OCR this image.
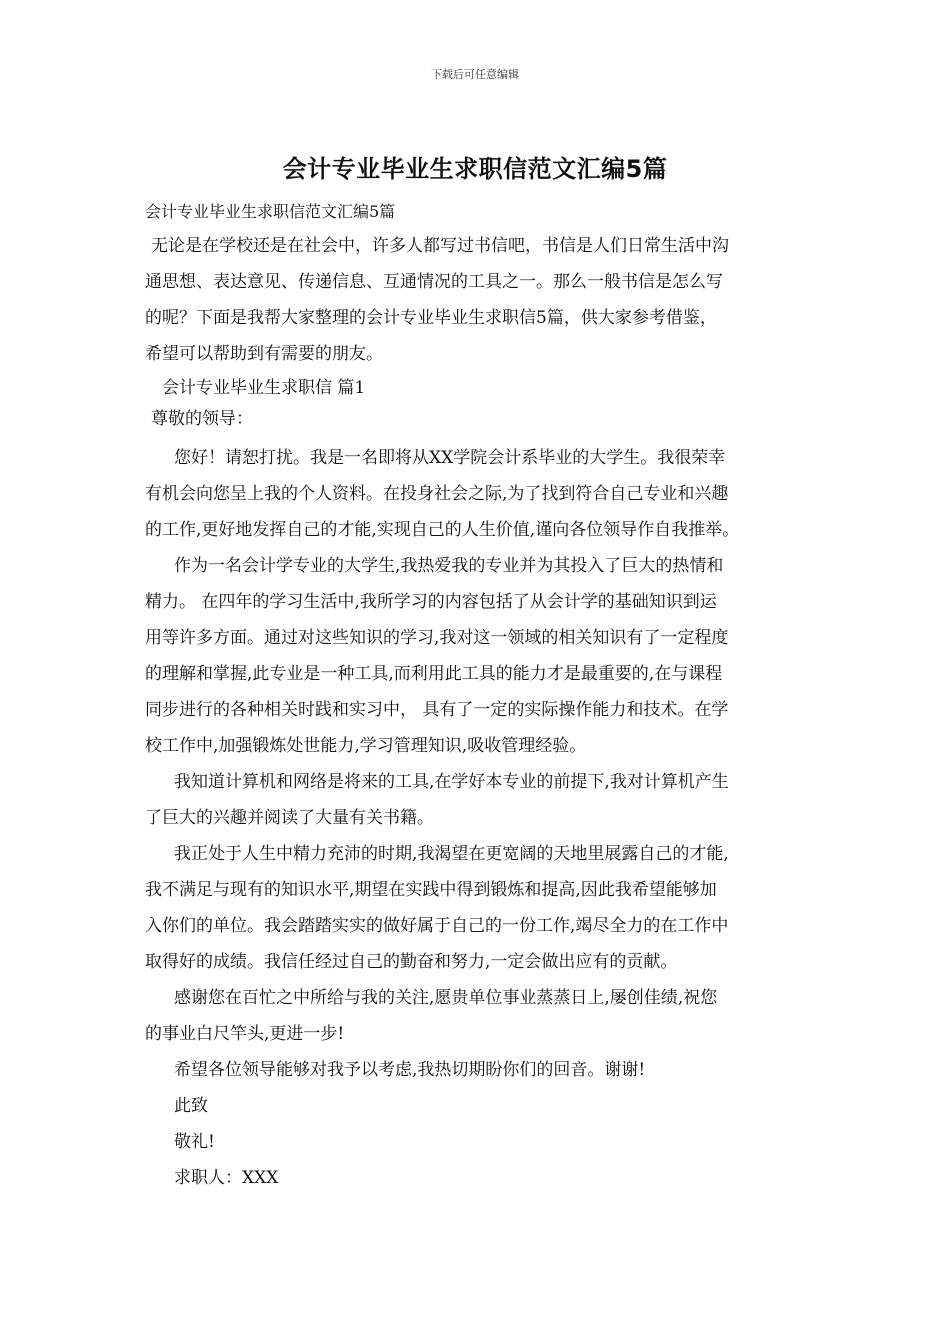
下载后可任意编辑
会计专业毕业生求职信范文汇编5篇
会计专业毕业生求职信范文汇编5篇
无论是在学校还是在社会中，许多人都写过书信吧，书信是人们日常生活中沟
通思想、表达意见、传递信息、互通情况的工具之一。那么一般书信是怎么写
的呢？下面是我帮大家整理的会计专业毕业生求职信5篇，供大家参考借鉴，
希望可以帮助到有需要的朋友。
会计专业毕业生求职信 篇1
尊敬的领导：
您好！请恕打扰。我是一名即将从XX学院会计系毕业的大学生。我很荣幸
有机会向您呈上我的个人资料。在投身社会之际,为了找到符合自己专业和兴趣
的工作,更好地发挥自己的才能,实现自己的人生价值,谨向各位领导作自我推举。
作为一名会计学专业的大学生,我热爱我的专业并为其投入了巨大的热情和
精力。 在四年的学习生活中,我所学习的内容包括了从会计学的基础知识到运
用等许多方面。通过对这些知识的学习,我对这一领域的相关知识有了一定程度
的理解和掌握,此专业是一种工具,而利用此工具的能力才是最重要的,在与课程
同步进行的各种相关时践和实习中， 具有了一定的实际操作能力和技术。在学
校工作中,加强锻炼处世能力,学习管理知识,吸收管理经验。
我知道计算机和网络是将来的工具,在学好本专业的前提下,我对计算机产生
了巨大的兴趣并阅读了大量有关书籍。
我正处于人生中精力充沛的时期,我渴望在更宽阔的天地里展露自己的才能,
我不满足与现有的知识水平,期望在实践中得到锻炼和提高,因此我希望能够加
入你们的单位。我会踏踏实实的做好属于自己的一份工作,竭尽全力的在工作中
取得好的成绩。我信任经过自己的勤奋和努力,一定会做出应有的贡献。
感谢您在百忙之中所给与我的关注,愿贵单位事业蒸蒸日上,屡创佳绩,祝您
的事业白尺竿头,更进一步!
希望各位领导能够对我予以考虑,我热切期盼你们的回音。谢谢!
此致
敬礼!
求职人：XXX
